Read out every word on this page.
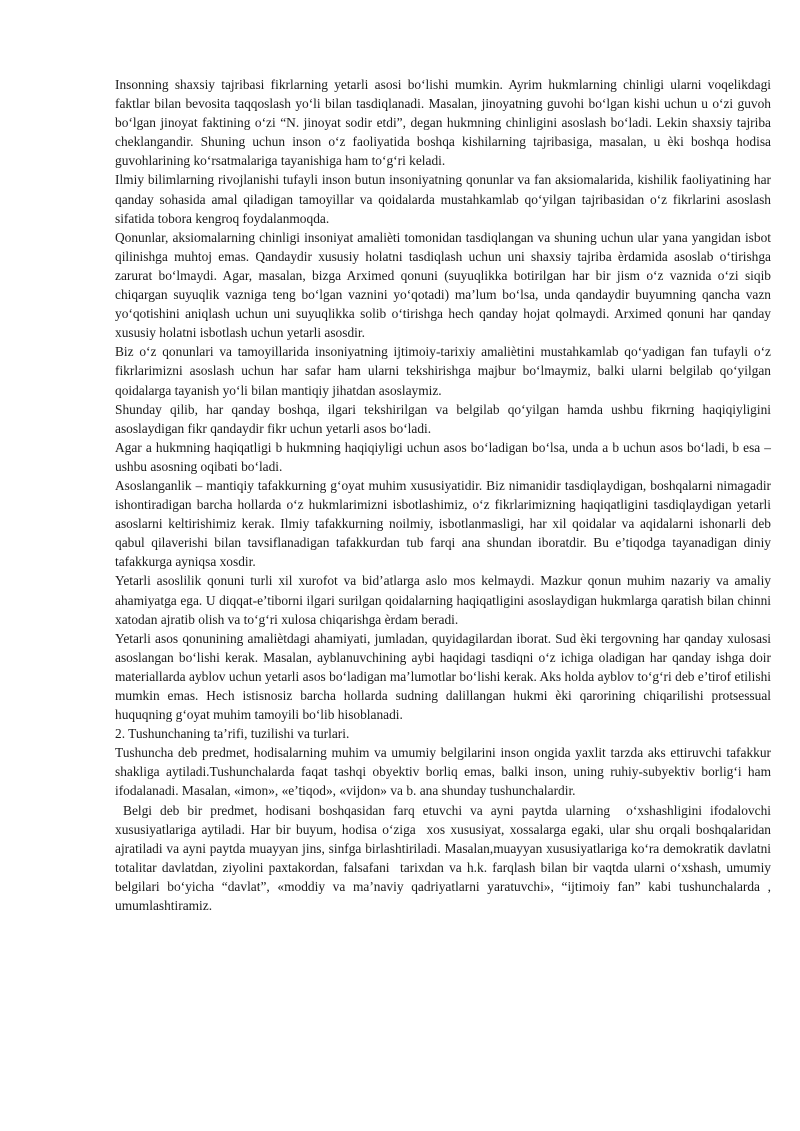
Insonning shaxsiy tajribasi fikrlarning yetarli asosi bo‘lishi mumkin. Ayrim hukmlarning chinligi ularni voqelikdagi faktlar bilan bevosita taqqoslash yo‘li bilan tasdiqlanadi. Masalan, jinoyatning guvohi bo‘lgan kishi uchun u o‘zi guvoh bo‘lgan jinoyat faktining o‘zi “N. jinoyat sodir etdi”, degan hukmning chinligini asoslash bo‘ladi. Lekin shaxsiy tajriba cheklangandir. Shuning uchun inson o‘z faoliyatida boshqa kishilarning tajribasiga, masalan, u èki boshqa hodisa guvohlarining ko‘rsatmalariga tayanishiga ham to‘g‘ri keladi.

Ilmiy bilimlarning rivojlanishi tufayli inson butun insoniyatning qonunlar va fan aksiomalarida, kishilik faoliyatining har qanday sohasida amal qiladigan tamoyillar va qoidalarda mustahkamlab qo‘yilgan tajribasidan o‘z fikrlarini asoslash sifatida tobora kengroq foydalanmoqda.

Qonunlar, aksiomalarning chinligi insoniyat amalièti tomonidan tasdiqlangan va shuning uchun ular yana yangidan isbot qilinishga muhtoj emas. Qandaydir xususiy holatni tasdiqlash uchun uni shaxsiy tajriba èrdamida asoslab o‘tirishga zarurat bo‘lmaydi. Agar, masalan, bizga Arximed qonuni (suyuqlikka botirilgan har bir jism o‘z vaznida o‘zi siqib chiqargan suyuqlik vazniga teng bo‘lgan vaznini yo‘qotadi) ma’lum bo‘lsa, unda qandaydir buyumning qancha vazn yo‘qotishini aniqlash uchun uni suyuqlikka solib o‘tirishga hech qanday hojat qolmaydi. Arximed qonuni har qanday xususiy holatni isbotlash uchun yetarli asosdir.

Biz o‘z qonunlari va tamoyillarida insoniyatning ijtimoiy-tarixiy amaliètini mustahkamlab qo‘yadigan fan tufayli o‘z fikrlarimizni asoslash uchun har safar ham ularni tekshirishga majbur bo‘lmaymiz, balki ularni belgilab qo‘yilgan qoidalarga tayanish yo‘li bilan mantiqiy jihatdan asoslaymiz.

Shunday qilib, har qanday boshqa, ilgari tekshirilgan va belgilab qo‘yilgan hamda ushbu fikrning haqiqiyligini asoslaydigan fikr qandaydir fikr uchun yetarli asos bo‘ladi.

Agar a hukmning haqiqatligi b hukmning haqiqiyligi uchun asos bo‘ladigan bo‘lsa, unda a b uchun asos bo‘ladi, b esa – ushbu asosning oqibati bo‘ladi.

Asoslanganlik – mantiqiy tafakkurning g‘oyat muhim xususiyatidir. Biz nimanidir tasdiqlaydigan, boshqalarni nimagadir ishontiradigan barcha hollarda o‘z hukmlarimizni isbotlashimiz, o‘z fikrlarimizning haqiqatligini tasdiqlaydigan yetarli asoslarni keltirishimiz kerak. Ilmiy tafakkurning noilmiy, isbotlanmasligi, har xil qoidalar va aqidalarni ishonarli deb qabul qilaverishi bilan tavsiflanadigan tafakkurdan tub farqi ana shundan iboratdir. Bu e’tiqodga tayanadigan diniy tafakkurga ayniqsa xosdir.

Yetarli asoslilik qonuni turli xil xurofot va bid’atlarga aslo mos kelmaydi. Mazkur qonun muhim nazariy va amaliy ahamiyatga ega. U diqqat-e’tiborni ilgari surilgan qoidalarning haqiqatligini asoslaydigan hukmlarga qaratish bilan chinni xatodan ajratib olish va to‘g‘ri xulosa chiqarishga èrdam beradi.

Yetarli asos qonunining amaliètdagi ahamiyati, jumladan, quyidagilardan iborat. Sud èki tergovning har qanday xulosasi asoslangan bo‘lishi kerak. Masalan, ayblanuvchining aybi haqidagi tasdiqni o‘z ichiga oladigan har qanday ishga doir materiallarda ayblov uchun yetarli asos bo‘ladigan ma’lumotlar bo‘lishi kerak. Aks holda ayblov to‘g‘ri deb e’tirof etilishi mumkin emas. Hech istisnosiz barcha hollarda sudning dalillangan hukmi èki qarorining chiqarilishi protsessual huquqning g‘oyat muhim tamoyili bo‘lib hisoblanadi.

2. Tushunchaning ta’rifi, tuzilishi va turlari.

Tushuncha deb predmet, hodisalarning muhim va umumiy belgilarini inson ongida yaxlit tarzda aks ettiruvchi tafakkur shakliga aytiladi.Tushunchalarda faqat tashqi obyektiv borliq emas, balki inson, uning ruhiy-subyektiv borlig‘i ham ifodalanadi. Masalan, «imon», «e’tiqod», «vijdon» va b. ana shunday tushunchalardir.

Belgi deb bir predmet, hodisani boshqasidan farq etuvchi va ayni paytda ularning  o‘xshashligini ifodalovchi xususiyatlariga aytiladi. Har bir buyum, hodisa o‘ziga  xos xususiyat, xossalarga egaki, ular shu orqali boshqalaridan ajratiladi va ayni paytda muayyan jins, sinfga birlashtiriladi. Masalan,muayyan xususiyatlariga ko‘ra demokratik davlatni totalitar davlatdan, ziyolini paxtakordan, falsafani  tarixdan va h.k. farqlash bilan bir vaqtda ularni o‘xshash, umumiy belgilari bo‘yicha “davlat”, «moddiy va ma’naviy qadriyatlarni yaratuvchi», “ijtimoiy fan” kabi tushunchalarda , umumlashtiramiz.
